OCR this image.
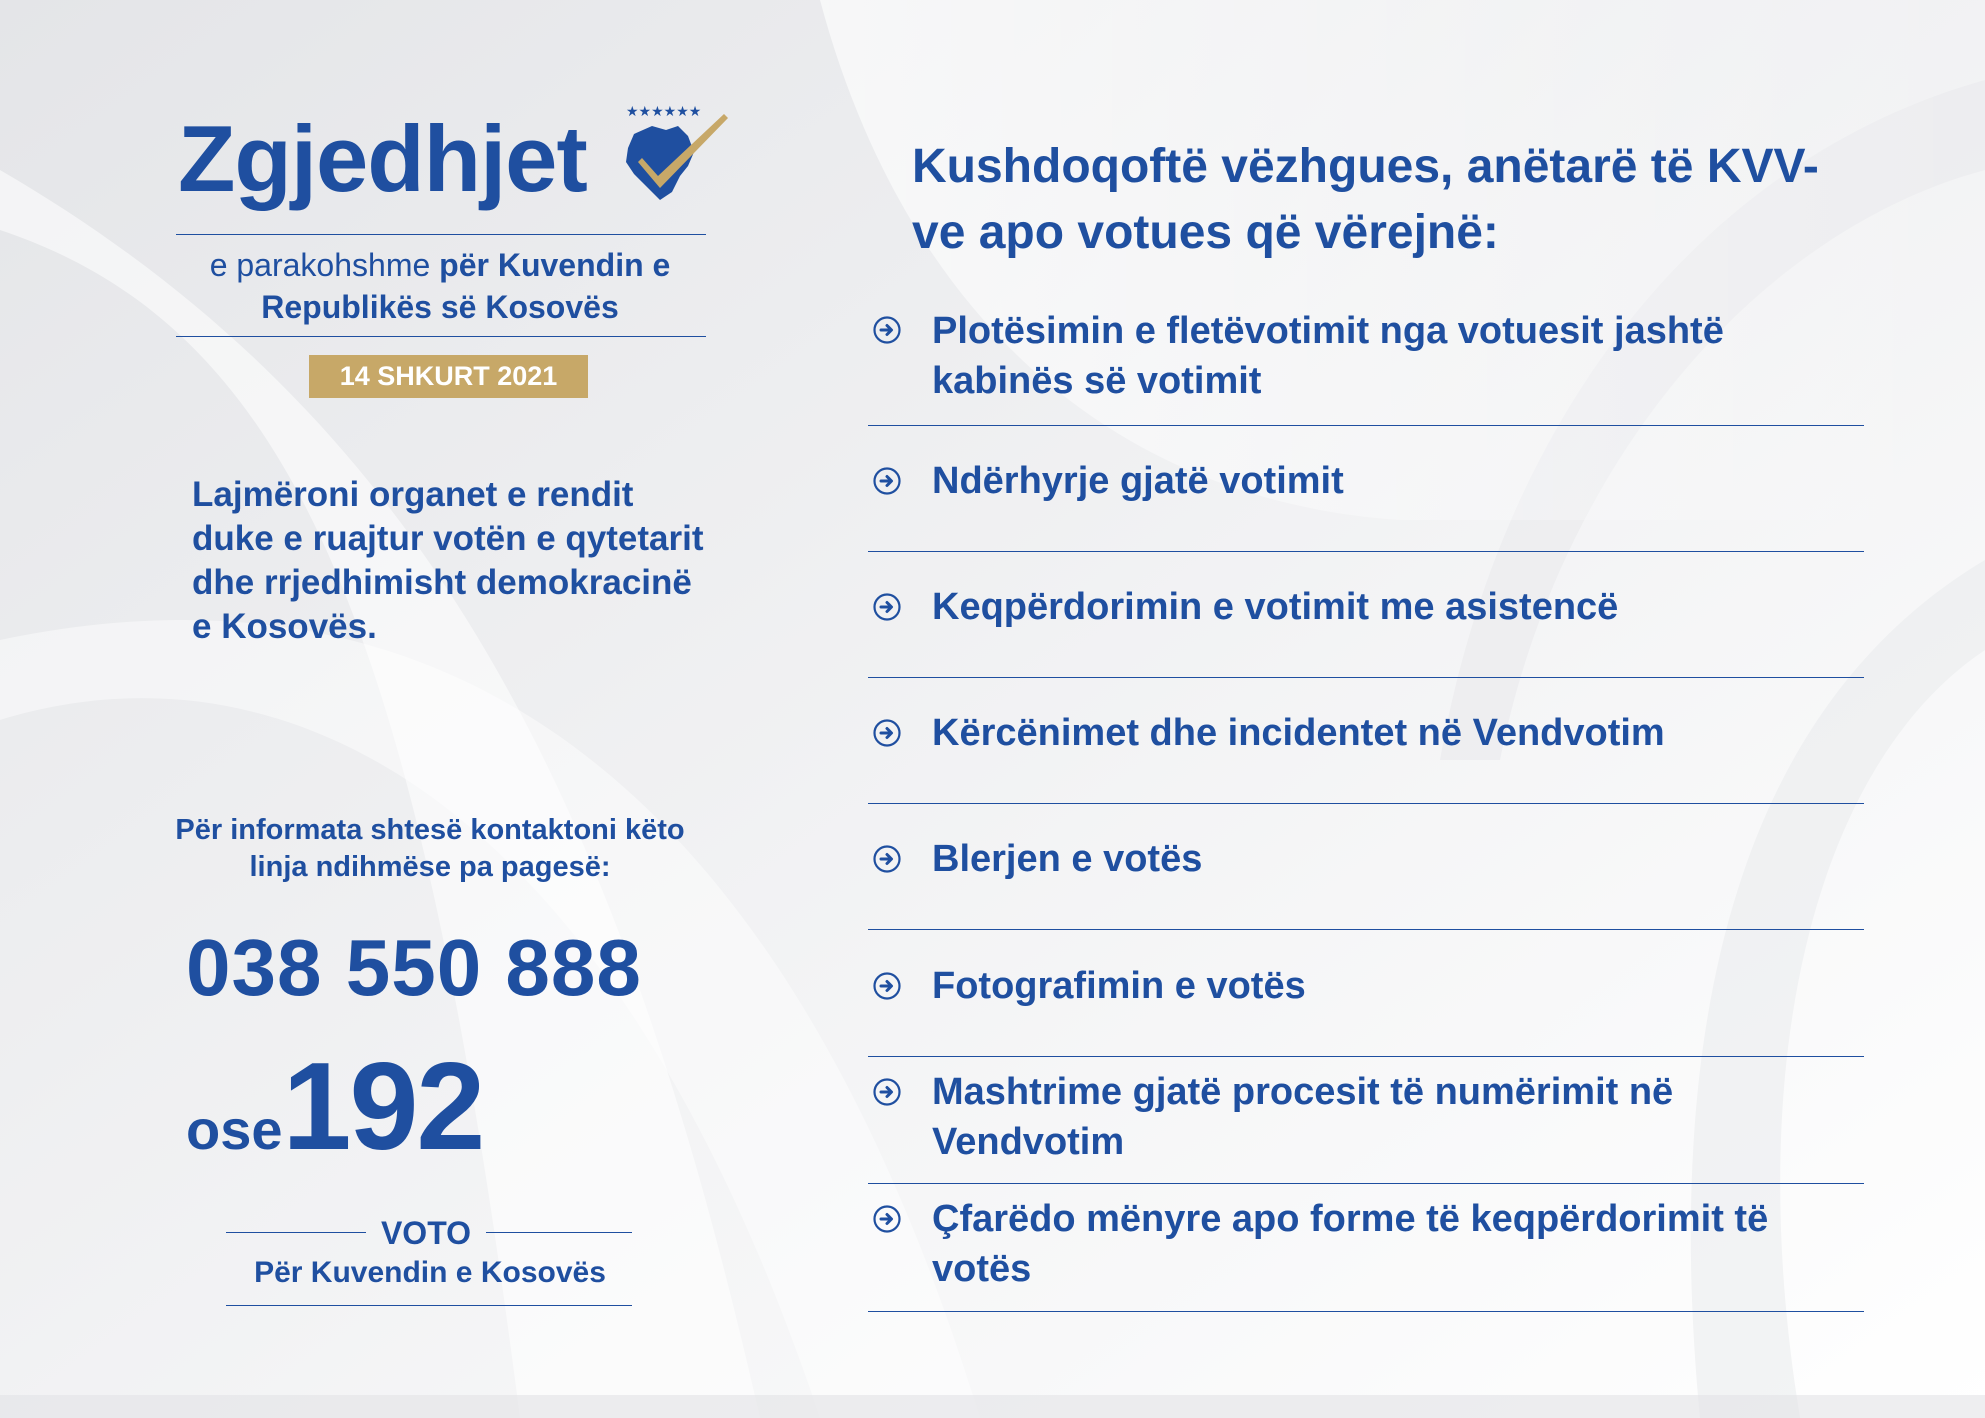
Zgjedhjet	★★★★★★
e parakohshme për Kuvendin e
Republikës së Kosovës
14 SHKURT 2021
Lajmëroni organet e rendit duke e ruajtur votën e qytetarit dhe rrjedhimisht demokracinë e Kosovës.
Për informata shtesë kontaktoni këto linja ndihmëse pa pagesë:
038 550 888
ose192
VOTO
Për Kuvendin e Kosovës
Kushdoqoftë vëzhgues, anëtarë të KVV-ve apo votues që vërejnë:
Plotësimin e fletëvotimit nga votuesit jashtë kabinës së votimit
Ndërhyrje gjatë votimit
Keqpërdorimin e votimit me asistencë
Kërcënimet dhe incidentet në Vendvotim
Blerjen e votës
Fotografimin e votës
Mashtrime gjatë procesit të numërimit në Vendvotim
Çfarëdo mënyre apo forme të keqpërdorimit të votës
